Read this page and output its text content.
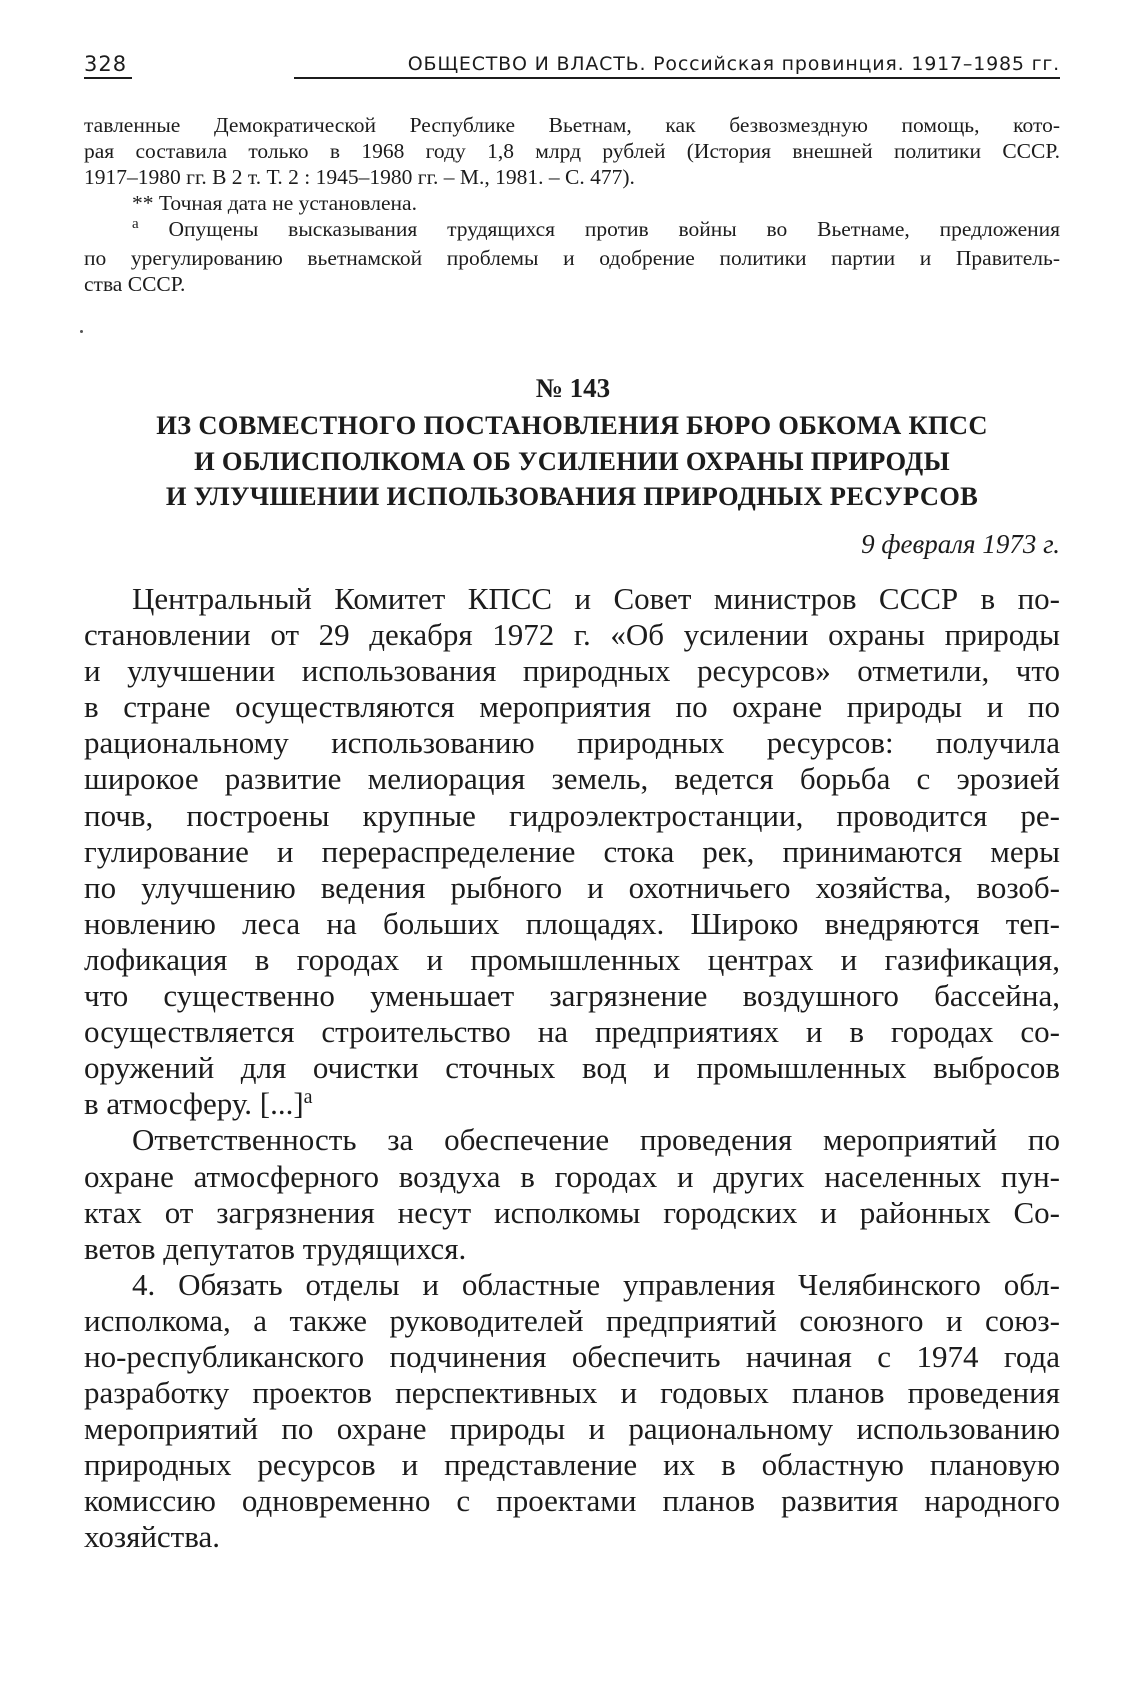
328	ОБЩЕСТВО И ВЛАСТЬ. Российская провинция. 1917–1985 гг.
тавленные Демократической Республике Вьетнам, как безвозмездную помощь, кото-
рая составила только в 1968 году 1,8 млрд рублей (История внешней политики СССР.
1917–1980 гг. В 2 т. Т. 2 : 1945–1980 гг. – М., 1981. – С. 477).
** Точная дата не установлена.
$^а$ Опущены высказывания трудящихся против войны во Вьетнаме, предложения
по урегулированию вьетнамской проблемы и одобрение политики партии и Правитель-
ства СССР.
№ 143
ИЗ СОВМЕСТНОГО ПОСТАНОВЛЕНИЯ БЮРО ОБКОМА КПСС
И ОБЛИСПОЛКОМА ОБ УСИЛЕНИИ ОХРАНЫ ПРИРОДЫ
И УЛУЧШЕНИИ ИСПОЛЬЗОВАНИЯ ПРИРОДНЫХ РЕСУРСОВ
9 февраля 1973 г.
Центральный Комитет КПСС и Совет министров СССР в по-
становлении от 29 декабря 1972 г. «Об усилении охраны природы
и улучшении использования природных ресурсов» отметили, что
в стране осуществляются мероприятия по охране природы и по
рациональному использованию природных ресурсов: получила
широкое развитие мелиорация земель, ведется борьба с эрозией
почв, построены крупные гидроэлектростанции, проводится ре-
гулирование и перераспределение стока рек, принимаются меры
по улучшению ведения рыбного и охотничьего хозяйства, возоб-
новлению леса на больших площадях. Широко внедряются теп-
лофикация в городах и промышленных центрах и газификация,
что существенно уменьшает загрязнение воздушного бассейна,
осуществляется строительство на предприятиях и в городах со-
оружений для очистки сточных вод и промышленных выбросов
в атмосферу. [...]$^а$
Ответственность за обеспечение проведения мероприятий по
охране атмосферного воздуха в городах и других населенных пун-
ктах от загрязнения несут исполкомы городских и районных Со-
ветов депутатов трудящихся.
4. Обязать отделы и областные управления Челябинского обл-
исполкома, а также руководителей предприятий союзного и союз-
но-республиканского подчинения обеспечить начиная с 1974 года
разработку проектов перспективных и годовых планов проведения
мероприятий по охране природы и рациональному использованию
природных ресурсов и представление их в областную плановую
комиссию одновременно с проектами планов развития народного
хозяйства.
